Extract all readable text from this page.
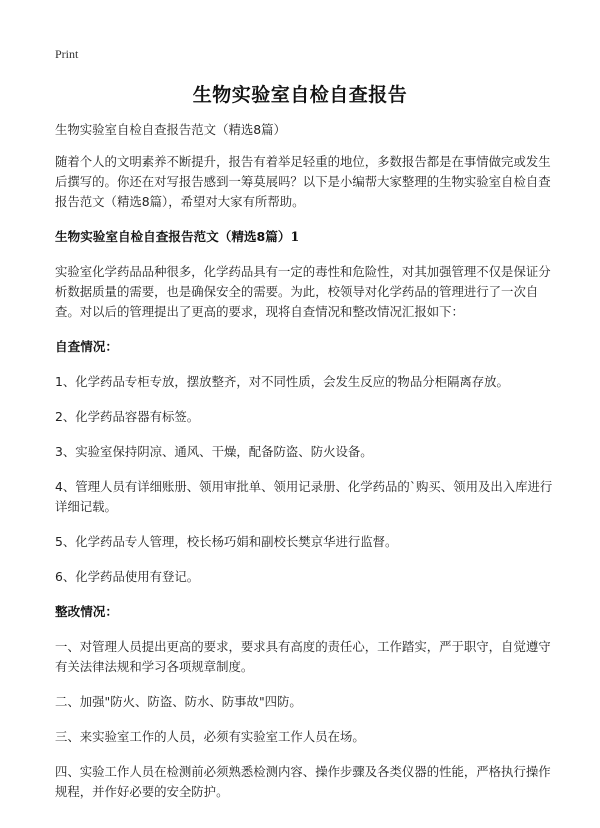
Print
生物实验室自检自查报告
生物实验室自检自查报告范文（精选8篇）
随着个人的文明素养不断提升，报告有着举足轻重的地位，多数报告都是在事情做完或发生后撰写的。你还在对写报告感到一筹莫展吗？以下是小编帮大家整理的生物实验室自检自查报告范文（精选8篇），希望对大家有所帮助。
生物实验室自检自查报告范文（精选8篇）1
实验室化学药品品种很多，化学药品具有一定的毒性和危险性，对其加强管理不仅是保证分析数据质量的需要，也是确保安全的需要。为此，校领导对化学药品的管理进行了一次自查。对以后的管理提出了更高的要求，现将自查情况和整改情况汇报如下：
自查情况：
1、化学药品专柜专放，摆放整齐，对不同性质，会发生反应的物品分柜隔离存放。
2、化学药品容器有标签。
3、实验室保持阴凉、通风、干燥，配备防盗、防火设备。
4、管理人员有详细账册、领用审批单、领用记录册、化学药品的`购买、领用及出入库进行详细记载。
5、化学药品专人管理，校长杨巧娟和副校长樊京华进行监督。
6、化学药品使用有登记。
整改情况：
一、对管理人员提出更高的要求，要求具有高度的责任心，工作踏实，严于职守，自觉遵守有关法律法规和学习各项规章制度。
二、加强"防火、防盗、防水、防事故"四防。
三、来实验室工作的人员，必须有实验室工作人员在场。
四、实验工作人员在检测前必须熟悉检测内容、操作步骤及各类仪器的性能，严格执行操作规程，并作好必要的安全防护。
